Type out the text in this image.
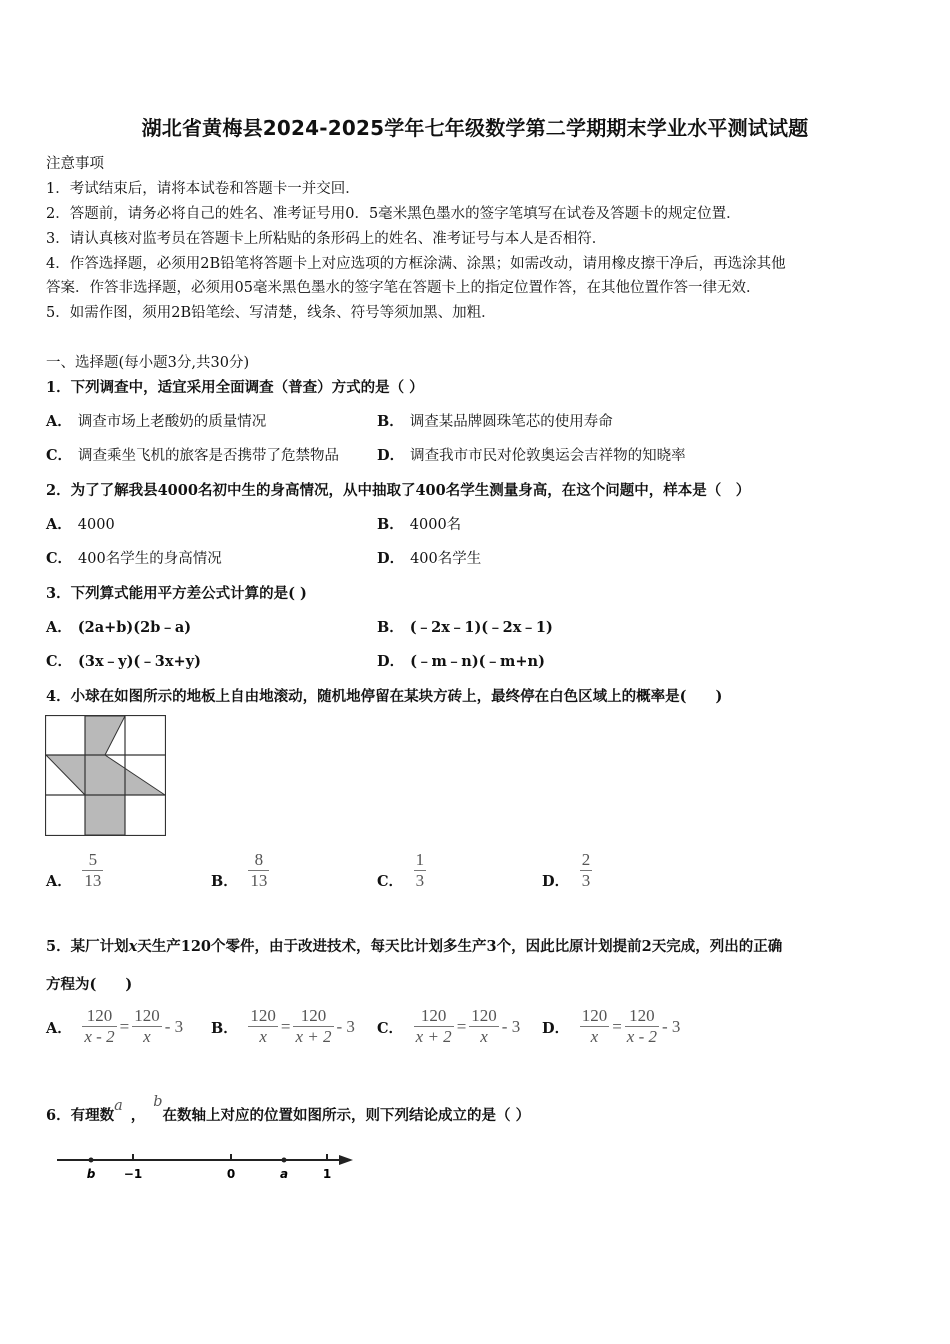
湖北省黄梅县2024-2025学年七年级数学第二学期期末学业水平测试试题
注意事项
1．考试结束后，请将本试卷和答题卡一并交回．
2．答题前，请务必将自己的姓名、准考证号用0．5毫米黑色墨水的签字笔填写在试卷及答题卡的规定位置．
3．请认真核对监考员在答题卡上所粘贴的条形码上的姓名、准考证号与本人是否相符．
4．作答选择题，必须用2B铅笔将答题卡上对应选项的方框涂满、涂黑；如需改动，请用橡皮擦干净后，再选涂其他
答案．作答非选择题，必须用05毫米黑色墨水的签字笔在答题卡上的指定位置作答，在其他位置作答一律无效．
5．如需作图，须用2B铅笔绘、写清楚，线条、符号等须加黑、加粗．
一、选择题(每小题3分,共30分)
1．下列调查中，适宜采用全面调查（普查）方式的是（ ）
A． 调查市场上老酸奶的质量情况	B． 调查某品牌圆珠笔芯的使用寿命
C． 调查乘坐飞机的旅客是否携带了危禁物品	D． 调查我市市民对伦敦奥运会吉祥物的知晓率
2．为了了解我县4000名初中生的身高情况，从中抽取了400名学生测量身高，在这个问题中，样本是（　）
A． 4000	B． 4000名
C． 400名学生的身高情况	D． 400名学生
3．下列算式能用平方差公式计算的是( )
A． (2a+b)(2b﹣a)	B． (﹣2x﹣1)(﹣2x﹣1)
C． (3x﹣y)(﹣3x+y)	D． (﹣m﹣n)(﹣m+n)
4．小球在如图所示的地板上自由地滚动，随机地停留在某块方砖上，最终停在白色区域上的概率是(　　)
A． $\frac{5}{13}$	B． $\frac{8}{13}$	C． $\frac{1}{3}$	D． $\frac{2}{3}$
5．某厂计划x天生产120个零件，由于改进技术，每天比计划多生产3个，因此比原计划提前2天完成，列出的正确
方程为(　　)
A． $\frac{120}{x - 2} = \frac{120}{x} - 3$ B． $\frac{120}{x} = \frac{120}{x + 2} - 3$ C． $\frac{120}{x + 2} = \frac{120}{x} - 3$ D． $\frac{120}{x} = \frac{120}{x - 2} - 3$
6．有理数a，b在数轴上对应的位置如图所示，则下列结论成立的是（ ）
b −1	0	a	1
